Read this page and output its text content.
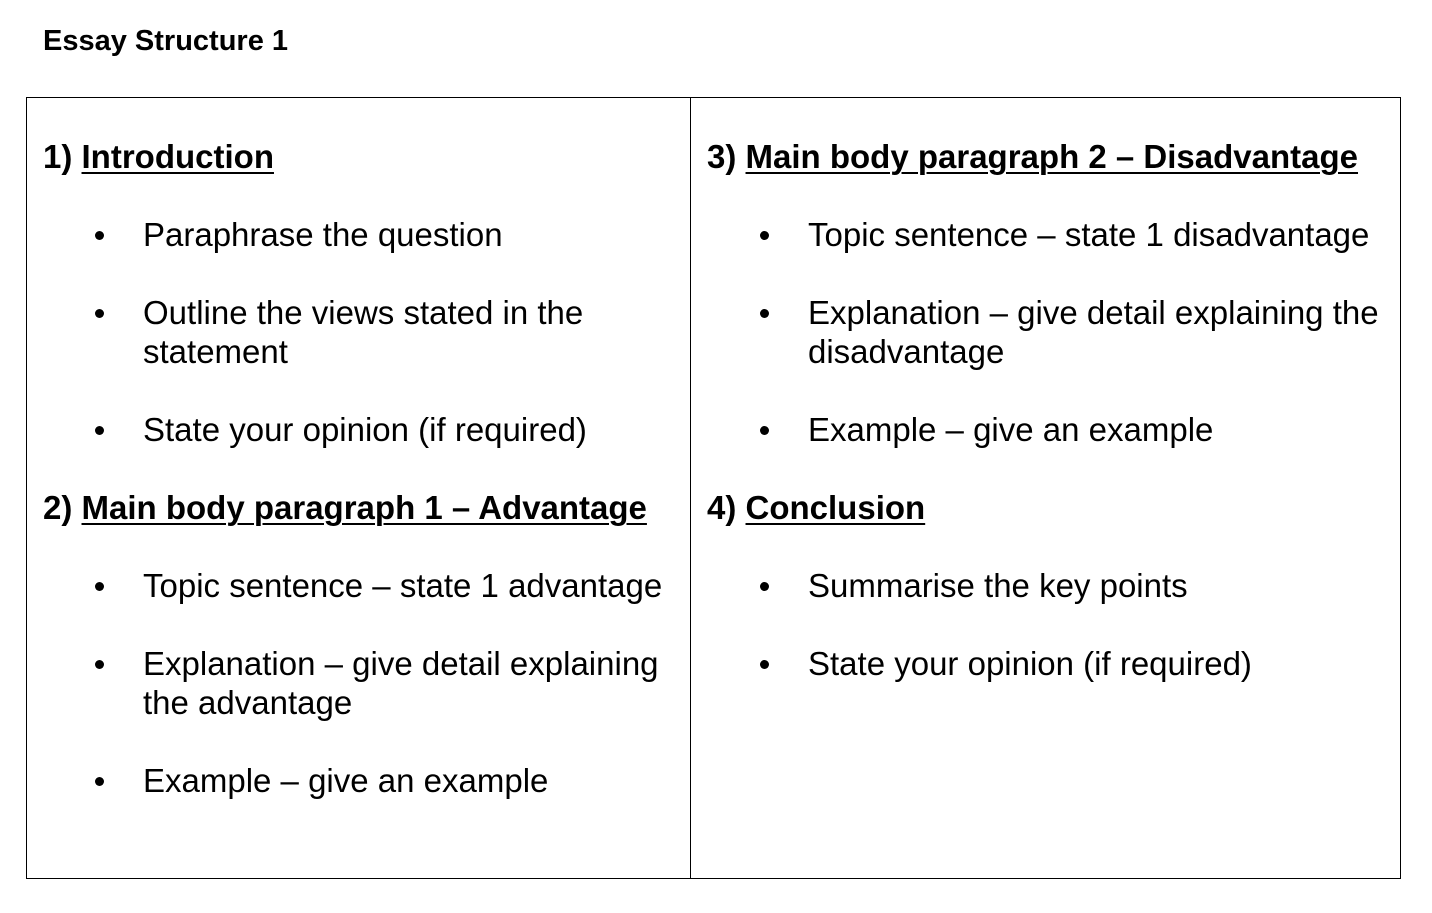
Essay Structure 1
1) Introduction
Paraphrase the question
Outline the views stated in the statement
State your opinion (if required)
2) Main body paragraph 1 – Advantage
Topic sentence – state 1 advantage
Explanation – give detail explaining the advantage
Example – give an example
3) Main body paragraph 2 – Disadvantage
Topic sentence – state 1 disadvantage
Explanation – give detail explaining the disadvantage
Example – give an example
4) Conclusion
Summarise the key points
State your opinion (if required)
